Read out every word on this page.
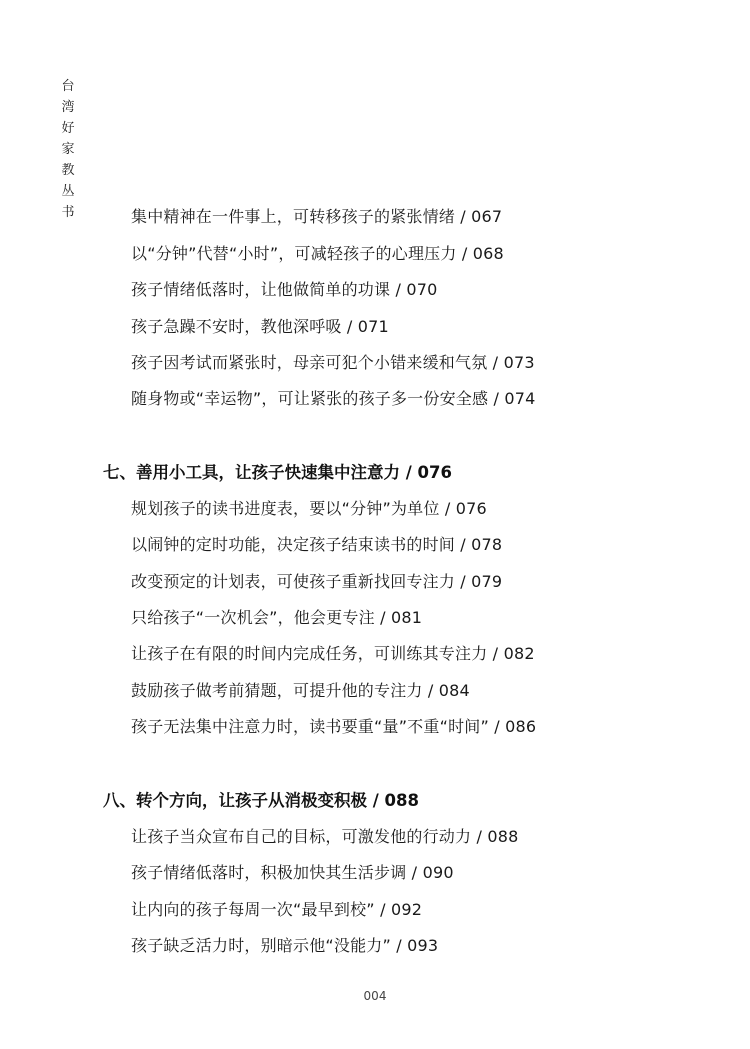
台湾好家教丛书	集中精神在一件事上，可转移孩子的紧张情绪 / 067
以“分钟”代替“小时”，可减轻孩子的心理压力 / 068
孩子情绪低落时，让他做简单的功课 / 070
孩子急躁不安时，教他深呼吸 / 071
孩子因考试而紧张时，母亲可犯个小错来缓和气氛 / 073
随身物或“幸运物”，可让紧张的孩子多一份安全感 / 074
七、善用小工具，让孩子快速集中注意力 / 076
规划孩子的读书进度表，要以“分钟”为单位 / 076
以闹钟的定时功能，决定孩子结束读书的时间 / 078
改变预定的计划表，可使孩子重新找回专注力 / 079
只给孩子“一次机会”，他会更专注 / 081
让孩子在有限的时间内完成任务，可训练其专注力 / 082
鼓励孩子做考前猜题，可提升他的专注力 / 084
孩子无法集中注意力时，读书要重“量”不重“时间” / 086
八、转个方向，让孩子从消极变积极 / 088
让孩子当众宣布自己的目标，可激发他的行动力 / 088
孩子情绪低落时，积极加快其生活步调 / 090
让内向的孩子每周一次“最早到校” / 092
孩子缺乏活力时，别暗示他“没能力” / 093
004
